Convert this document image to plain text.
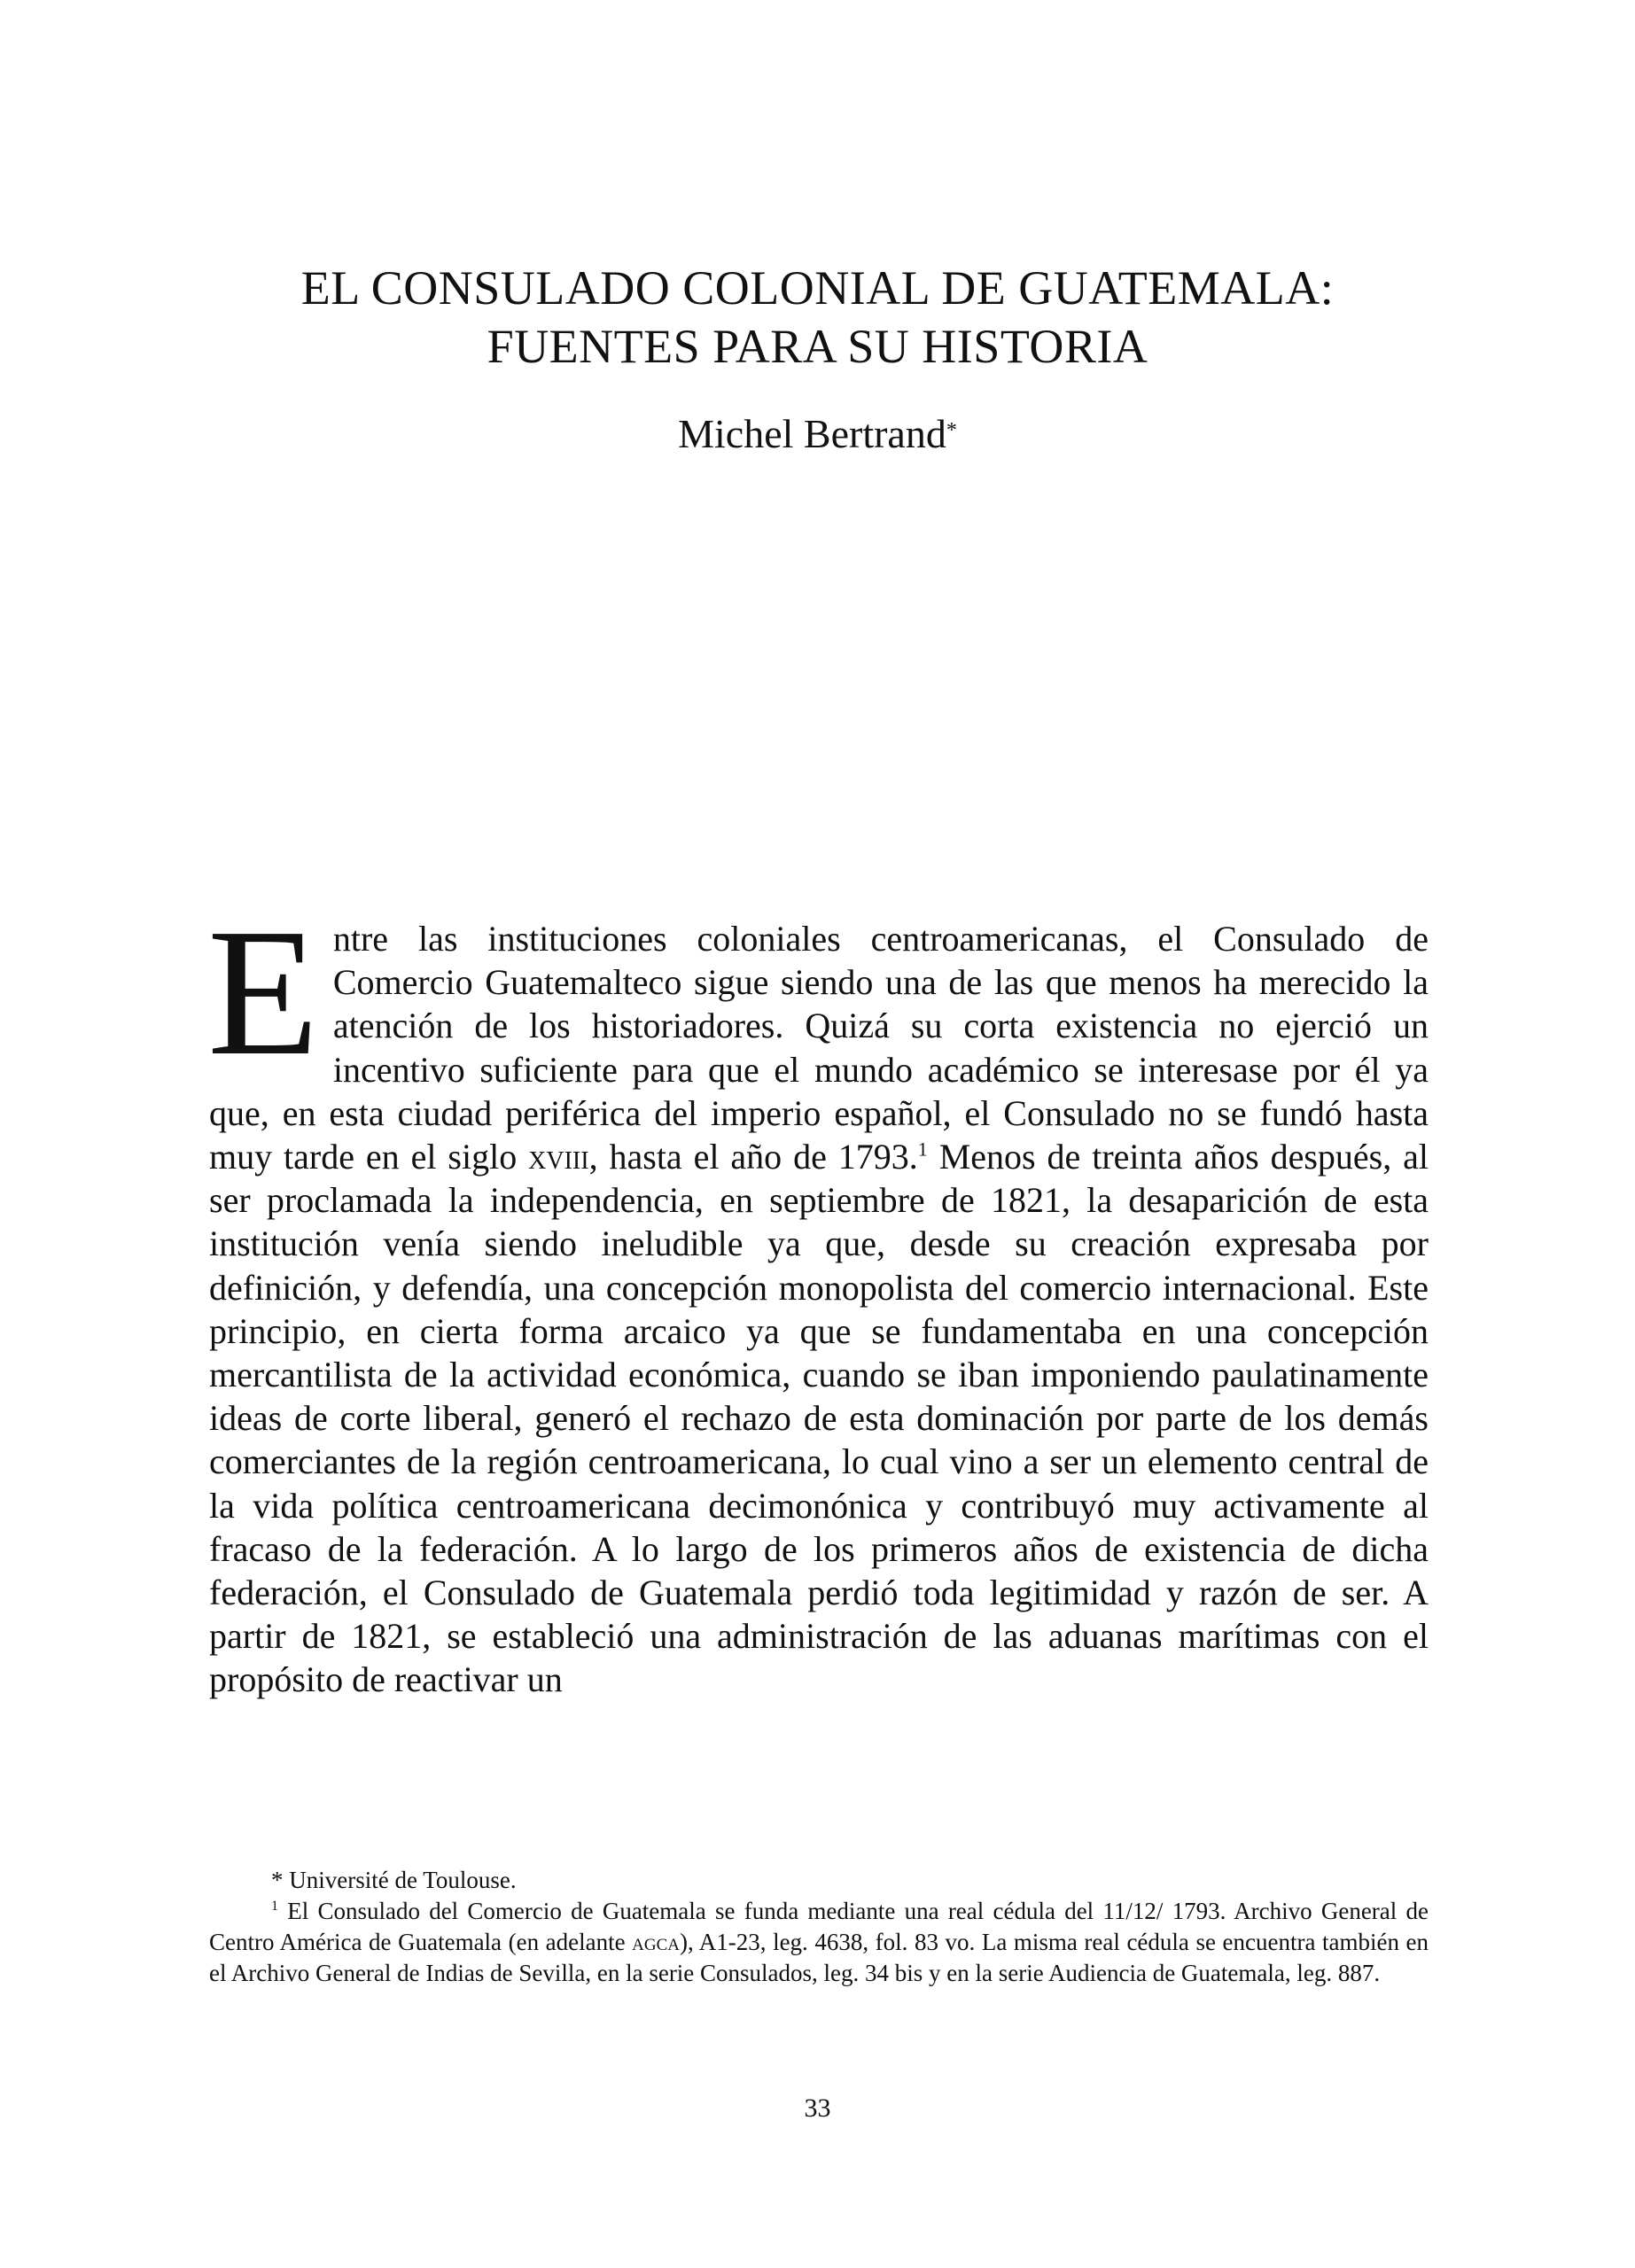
EL CONSULADO COLONIAL DE GUATEMALA:
FUENTES PARA SU HISTORIA
Michel Bertrand*
Entre las instituciones coloniales centroamericanas, el Consulado de Comercio Guatemalteco sigue siendo una de las que menos ha merecido la atención de los historiadores. Quizá su corta existencia no ejerció un incentivo suficiente para que el mundo académico se interesase por él ya que, en esta ciudad periférica del imperio español, el Consulado no se fundó hasta muy tarde en el siglo xviii, hasta el año de 1793.$^1$ Menos de treinta años después, al ser proclamada la independencia, en septiembre de 1821, la desaparición de esta institución venía siendo ineludible ya que, desde su creación expresaba por definición, y defendía, una concepción monopolista del comercio internacional. Este principio, en cierta forma arcaico ya que se fundamentaba en una concepción mercantilista de la actividad económica, cuando se iban imponiendo paulatinamente ideas de corte liberal, generó el rechazo de esta dominación por parte de los demás comerciantes de la región centroamericana, lo cual vino a ser un elemento central de la vida política centroamericana decimonónica y contribuyó muy activamente al fracaso de la federación. A lo largo de los primeros años de existencia de dicha federación, el Consulado de Guatemala perdió toda legitimidad y razón de ser. A partir de 1821, se estableció una administración de las aduanas marítimas con el propósito de reactivar un

* Université de Toulouse.

$^1$ El Consulado del Comercio de Guatemala se funda mediante una real cédula del 11/12/ 1793. Archivo General de Centro América de Guatemala (en adelante agca), A1-23, leg. 4638, fol. 83 vo. La misma real cédula se encuentra también en el Archivo General de Indias de Sevilla, en la serie Consulados, leg. 34 bis y en la serie Audiencia de Guatemala, leg. 887.

33
